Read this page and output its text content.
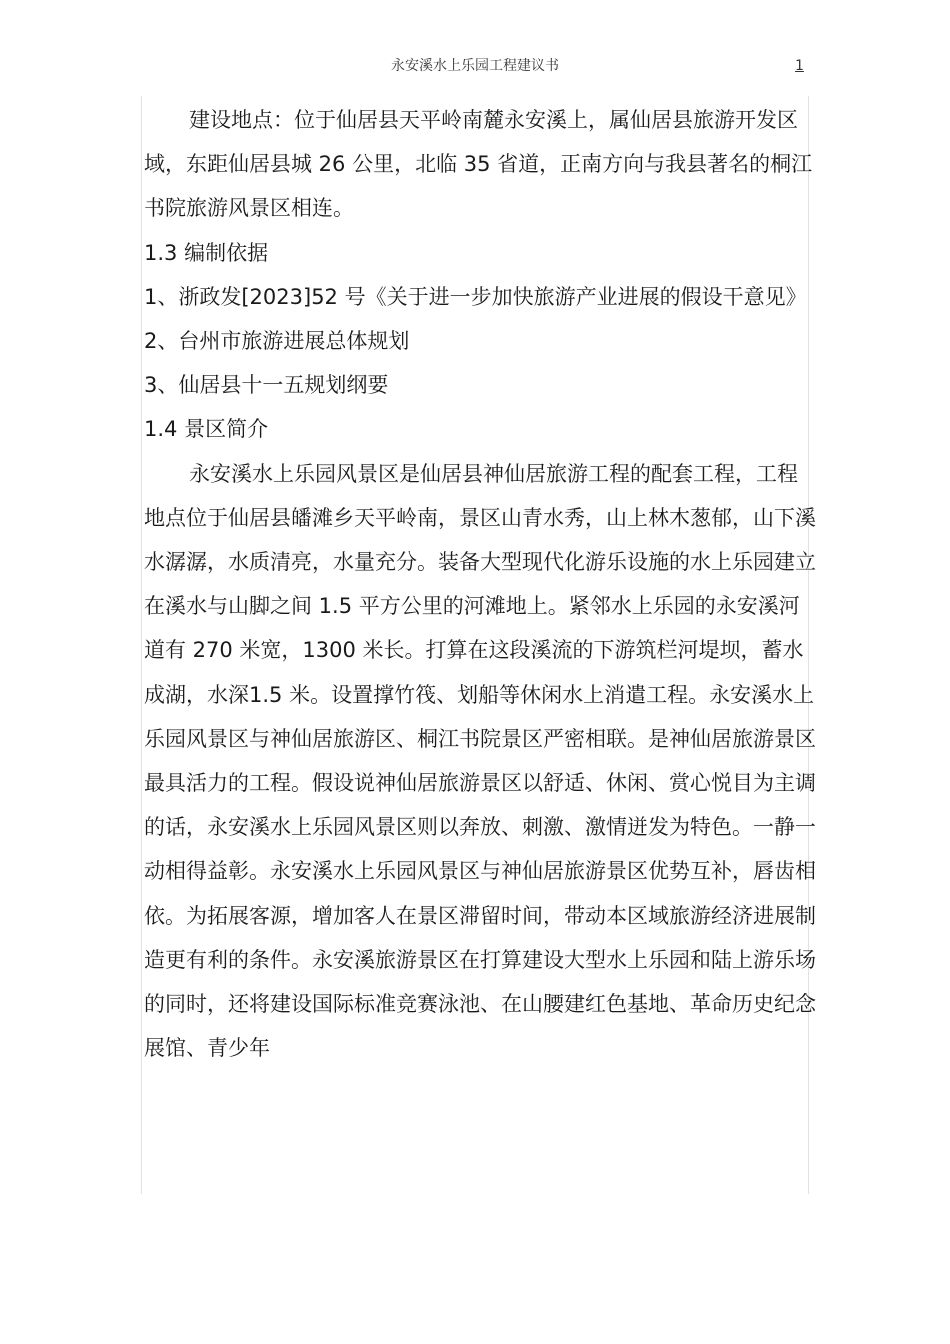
永安溪水上乐园工程建议书	1

建设地点：位于仙居县天平岭南麓永安溪上，属仙居县旅游开发区域，东距仙居县城 26 公里，北临 35 省道，正南方向与我县著名的桐江书院旅游风景区相连。

1.3 编制依据

1、浙政发[2023]52 号《关于进一步加快旅游产业进展的假设干意见》

2、台州市旅游进展总体规划

3、仙居县十一五规划纲要

1.4 景区简介

永安溪水上乐园风景区是仙居县神仙居旅游工程的配套工程，工程地点位于仙居县皤滩乡天平岭南，景区山青水秀，山上林木葱郁，山下溪水潺潺，水质清亮，水量充分。装备大型现代化游乐设施的水上乐园建立在溪水与山脚之间 1.5 平方公里的河滩地上。紧邻水上乐园的永安溪河道有 270 米宽，1300 米长。打算在这段溪流的下游筑栏河堤坝，蓄水成湖，水深1.5 米。设置撑竹筏、划船等休闲水上消遣工程。永安溪水上乐园风景区与神仙居旅游区、桐江书院景区严密相联。是神仙居旅游景区最具活力的工程。假设说神仙居旅游景区以舒适、休闲、赏心悦目为主调的话，永安溪水上乐园风景区则以奔放、刺激、激情迸发为特色。一静一动相得益彰。永安溪水上乐园风景区与神仙居旅游景区优势互补，唇齿相依。为拓展客源，增加客人在景区滞留时间，带动本区域旅游经济进展制造更有利的条件。永安溪旅游景区在打算建设大型水上乐园和陆上游乐场的同时，还将建设国际标准竞赛泳池、在山腰建红色基地、革命历史纪念展馆、青少年
